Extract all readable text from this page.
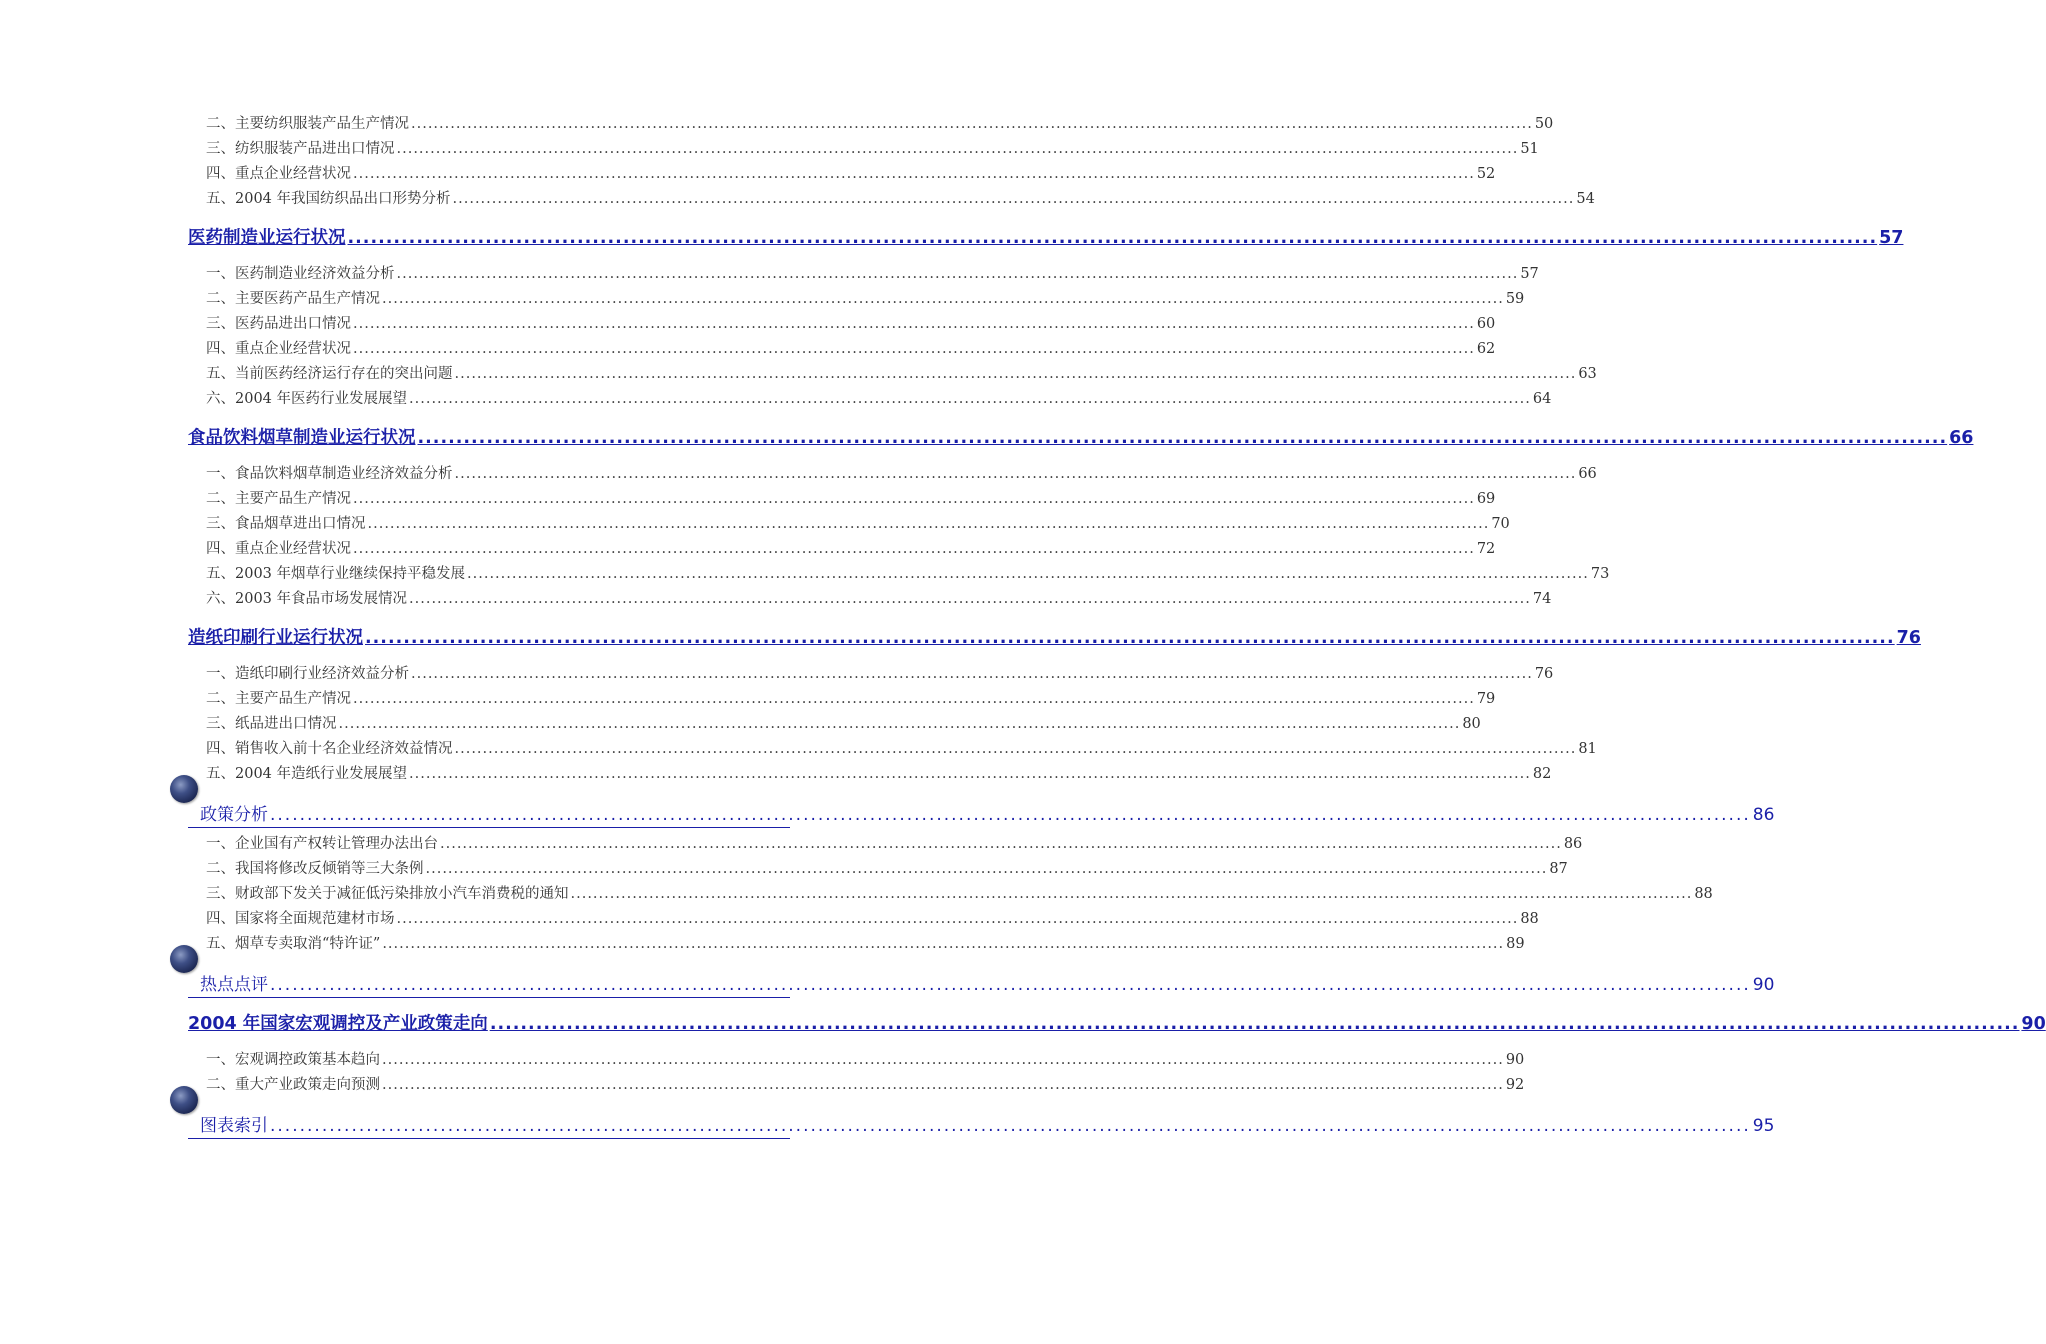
二、主要纺织服装产品生产情况 ........................................................................................................................................................................................................ 50
三、纺织服装产品进出口情况 ........................................................................................................................................................................................................ 51
四、重点企业经营状况 ........................................................................................................................................................................................................ 52
五、2004 年我国纺织品出口形势分析 ........................................................................................................................................................................................................ 54
医药制造业运行状况 ........................................................................................................................................................................................................ 57
一、医药制造业经济效益分析 ........................................................................................................................................................................................................ 57
二、主要医药产品生产情况 ........................................................................................................................................................................................................ 59
三、医药品进出口情况 ........................................................................................................................................................................................................ 60
四、重点企业经营状况 ........................................................................................................................................................................................................ 62
五、当前医药经济运行存在的突出问题 ........................................................................................................................................................................................................ 63
六、2004 年医药行业发展展望 ........................................................................................................................................................................................................ 64
食品饮料烟草制造业运行状况 ........................................................................................................................................................................................................ 66
一、食品饮料烟草制造业经济效益分析 ........................................................................................................................................................................................................ 66
二、主要产品生产情况 ........................................................................................................................................................................................................ 69
三、食品烟草进出口情况 ........................................................................................................................................................................................................ 70
四、重点企业经营状况 ........................................................................................................................................................................................................ 72
五、2003 年烟草行业继续保持平稳发展 ........................................................................................................................................................................................................ 73
六、2003 年食品市场发展情况 ........................................................................................................................................................................................................ 74
造纸印刷行业运行状况 ........................................................................................................................................................................................................ 76
一、造纸印刷行业经济效益分析 ........................................................................................................................................................................................................ 76
二、主要产品生产情况 ........................................................................................................................................................................................................ 79
三、纸品进出口情况 ........................................................................................................................................................................................................ 80
四、销售收入前十名企业经济效益情况 ........................................................................................................................................................................................................ 81
五、2004 年造纸行业发展展望 ........................................................................................................................................................................................................ 82
政策分析 ........................................................................................................................................................................................................ 86
一、企业国有产权转让管理办法出台 ........................................................................................................................................................................................................ 86
二、我国将修改反倾销等三大条例 ........................................................................................................................................................................................................ 87
三、财政部下发关于减征低污染排放小汽车消费税的通知 ........................................................................................................................................................................................................ 88
四、国家将全面规范建材市场 ........................................................................................................................................................................................................ 88
五、烟草专卖取消“特许证” ........................................................................................................................................................................................................ 89
热点点评 ........................................................................................................................................................................................................ 90
2004 年国家宏观调控及产业政策走向 ........................................................................................................................................................................................................ 90
一、宏观调控政策基本趋向 ........................................................................................................................................................................................................ 90
二、重大产业政策走向预测 ........................................................................................................................................................................................................ 92
图表索引 ........................................................................................................................................................................................................ 95
